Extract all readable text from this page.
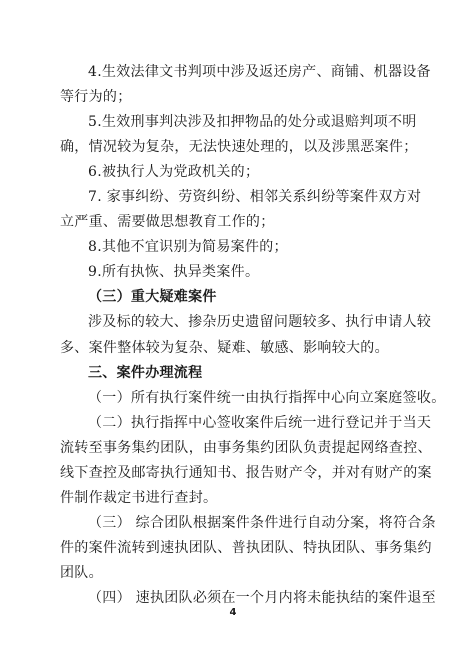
4.生效法律文书判项中涉及返还房产、商铺、机器设备
等行为的；
5.生效刑事判决涉及扣押物品的处分或退赔判项不明
确，情况较为复杂，无法快速处理的，以及涉黑恶案件；
6.被执行人为党政机关的；
7. 家事纠纷、劳资纠纷、相邻关系纠纷等案件双方对
立严重、需要做思想教育工作的；
8.其他不宜识别为简易案件的；
9.所有执恢、执异类案件。
（三）重大疑难案件
涉及标的较大、掺杂历史遗留问题较多、执行申请人较
多、案件整体较为复杂、疑难、敏感、影响较大的。
三、案件办理流程
（一）所有执行案件统一由执行指挥中心向立案庭签收。
（二）执行指挥中心签收案件后统一进行登记并于当天
流转至事务集约团队，由事务集约团队负责提起网络查控、
线下查控及邮寄执行通知书、报告财产令，并对有财产的案
件制作裁定书进行查封。
（三） 综合团队根据案件条件进行自动分案，将符合条
件的案件流转到速执团队、普执团队、特执团队、事务集约
团队。
（四） 速执团队必须在一个月内将未能执结的案件退至
4
